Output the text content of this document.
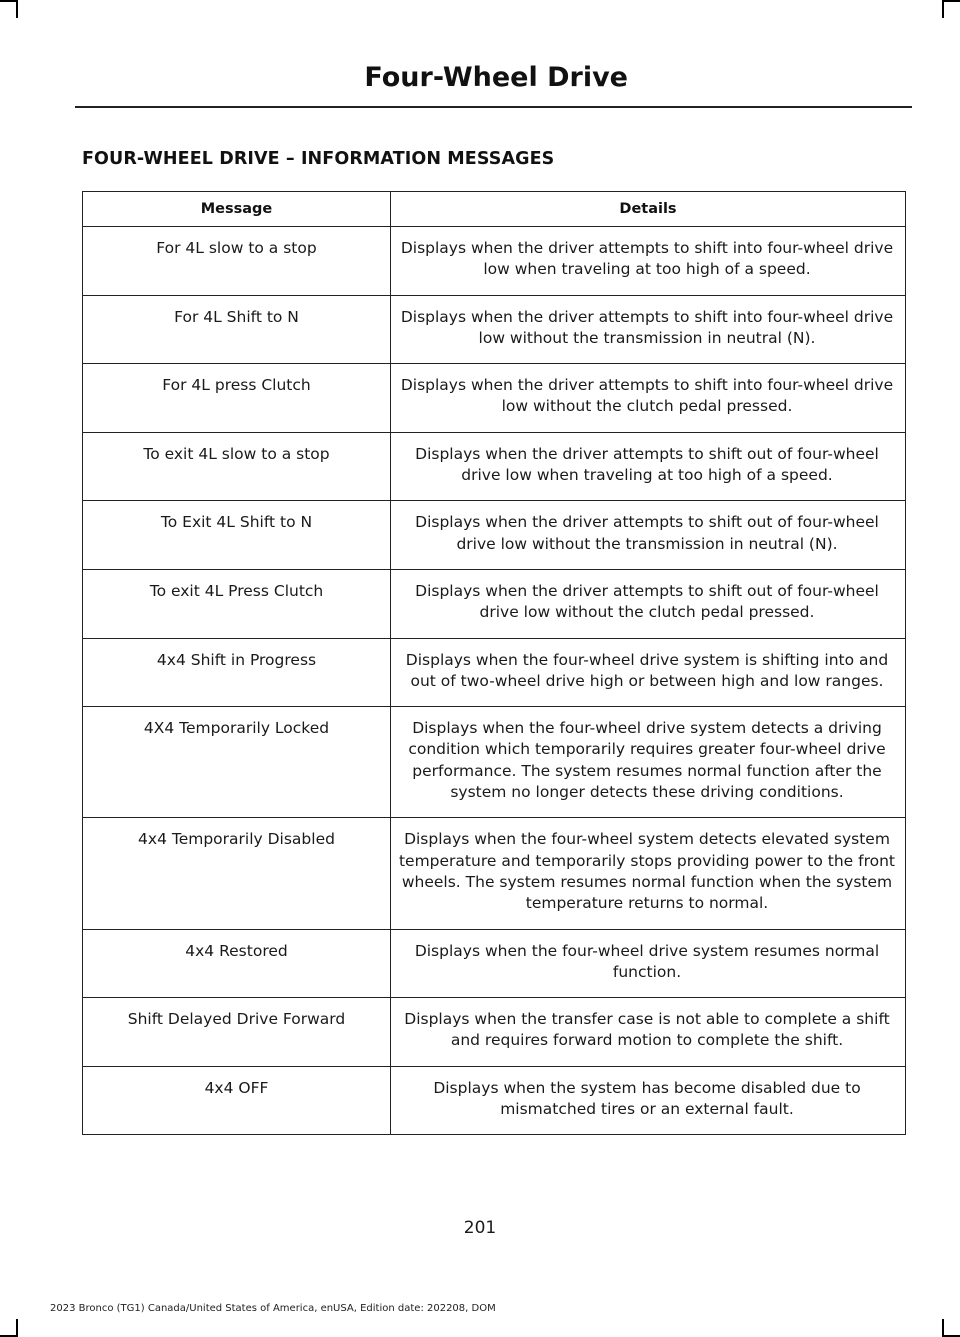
Four-Wheel Drive
FOUR-WHEEL DRIVE – INFORMATION MESSAGES
Message	Details
For 4L slow to a stop	Displays when the driver attempts to shift into four-wheel drive low when traveling at too high of a speed.
For 4L Shift to N	Displays when the driver attempts to shift into four-wheel drive low without the transmission in neutral (N).
For 4L press Clutch	Displays when the driver attempts to shift into four-wheel drive low without the clutch pedal pressed.
To exit 4L slow to a stop	Displays when the driver attempts to shift out of four-wheel drive low when traveling at too high of a speed.
To Exit 4L Shift to N	Displays when the driver attempts to shift out of four-wheel drive low without the transmission in neutral (N).
To exit 4L Press Clutch	Displays when the driver attempts to shift out of four-wheel drive low without the clutch pedal pressed.
4x4 Shift in Progress	Displays when the four-wheel drive system is shifting into and out of two-wheel drive high or between high and low ranges.
4X4 Temporarily Locked	Displays when the four-wheel drive system detects a driving condition which temporarily requires greater four-wheel drive performance. The system resumes normal function after the system no longer detects these driving conditions.
4x4 Temporarily Disabled	Displays when the four-wheel system detects elevated system temperature and temporarily stops providing power to the front wheels. The system resumes normal function when the system temperature returns to normal.
4x4 Restored	Displays when the four-wheel drive system resumes normal function.
Shift Delayed Drive Forward	Displays when the transfer case is not able to complete a shift and requires forward motion to complete the shift.
4x4 OFF	Displays when the system has become disabled due to mismatched tires or an external fault.
201
2023 Bronco (TG1) Canada/United States of America, enUSA, Edition date: 202208, DOM
